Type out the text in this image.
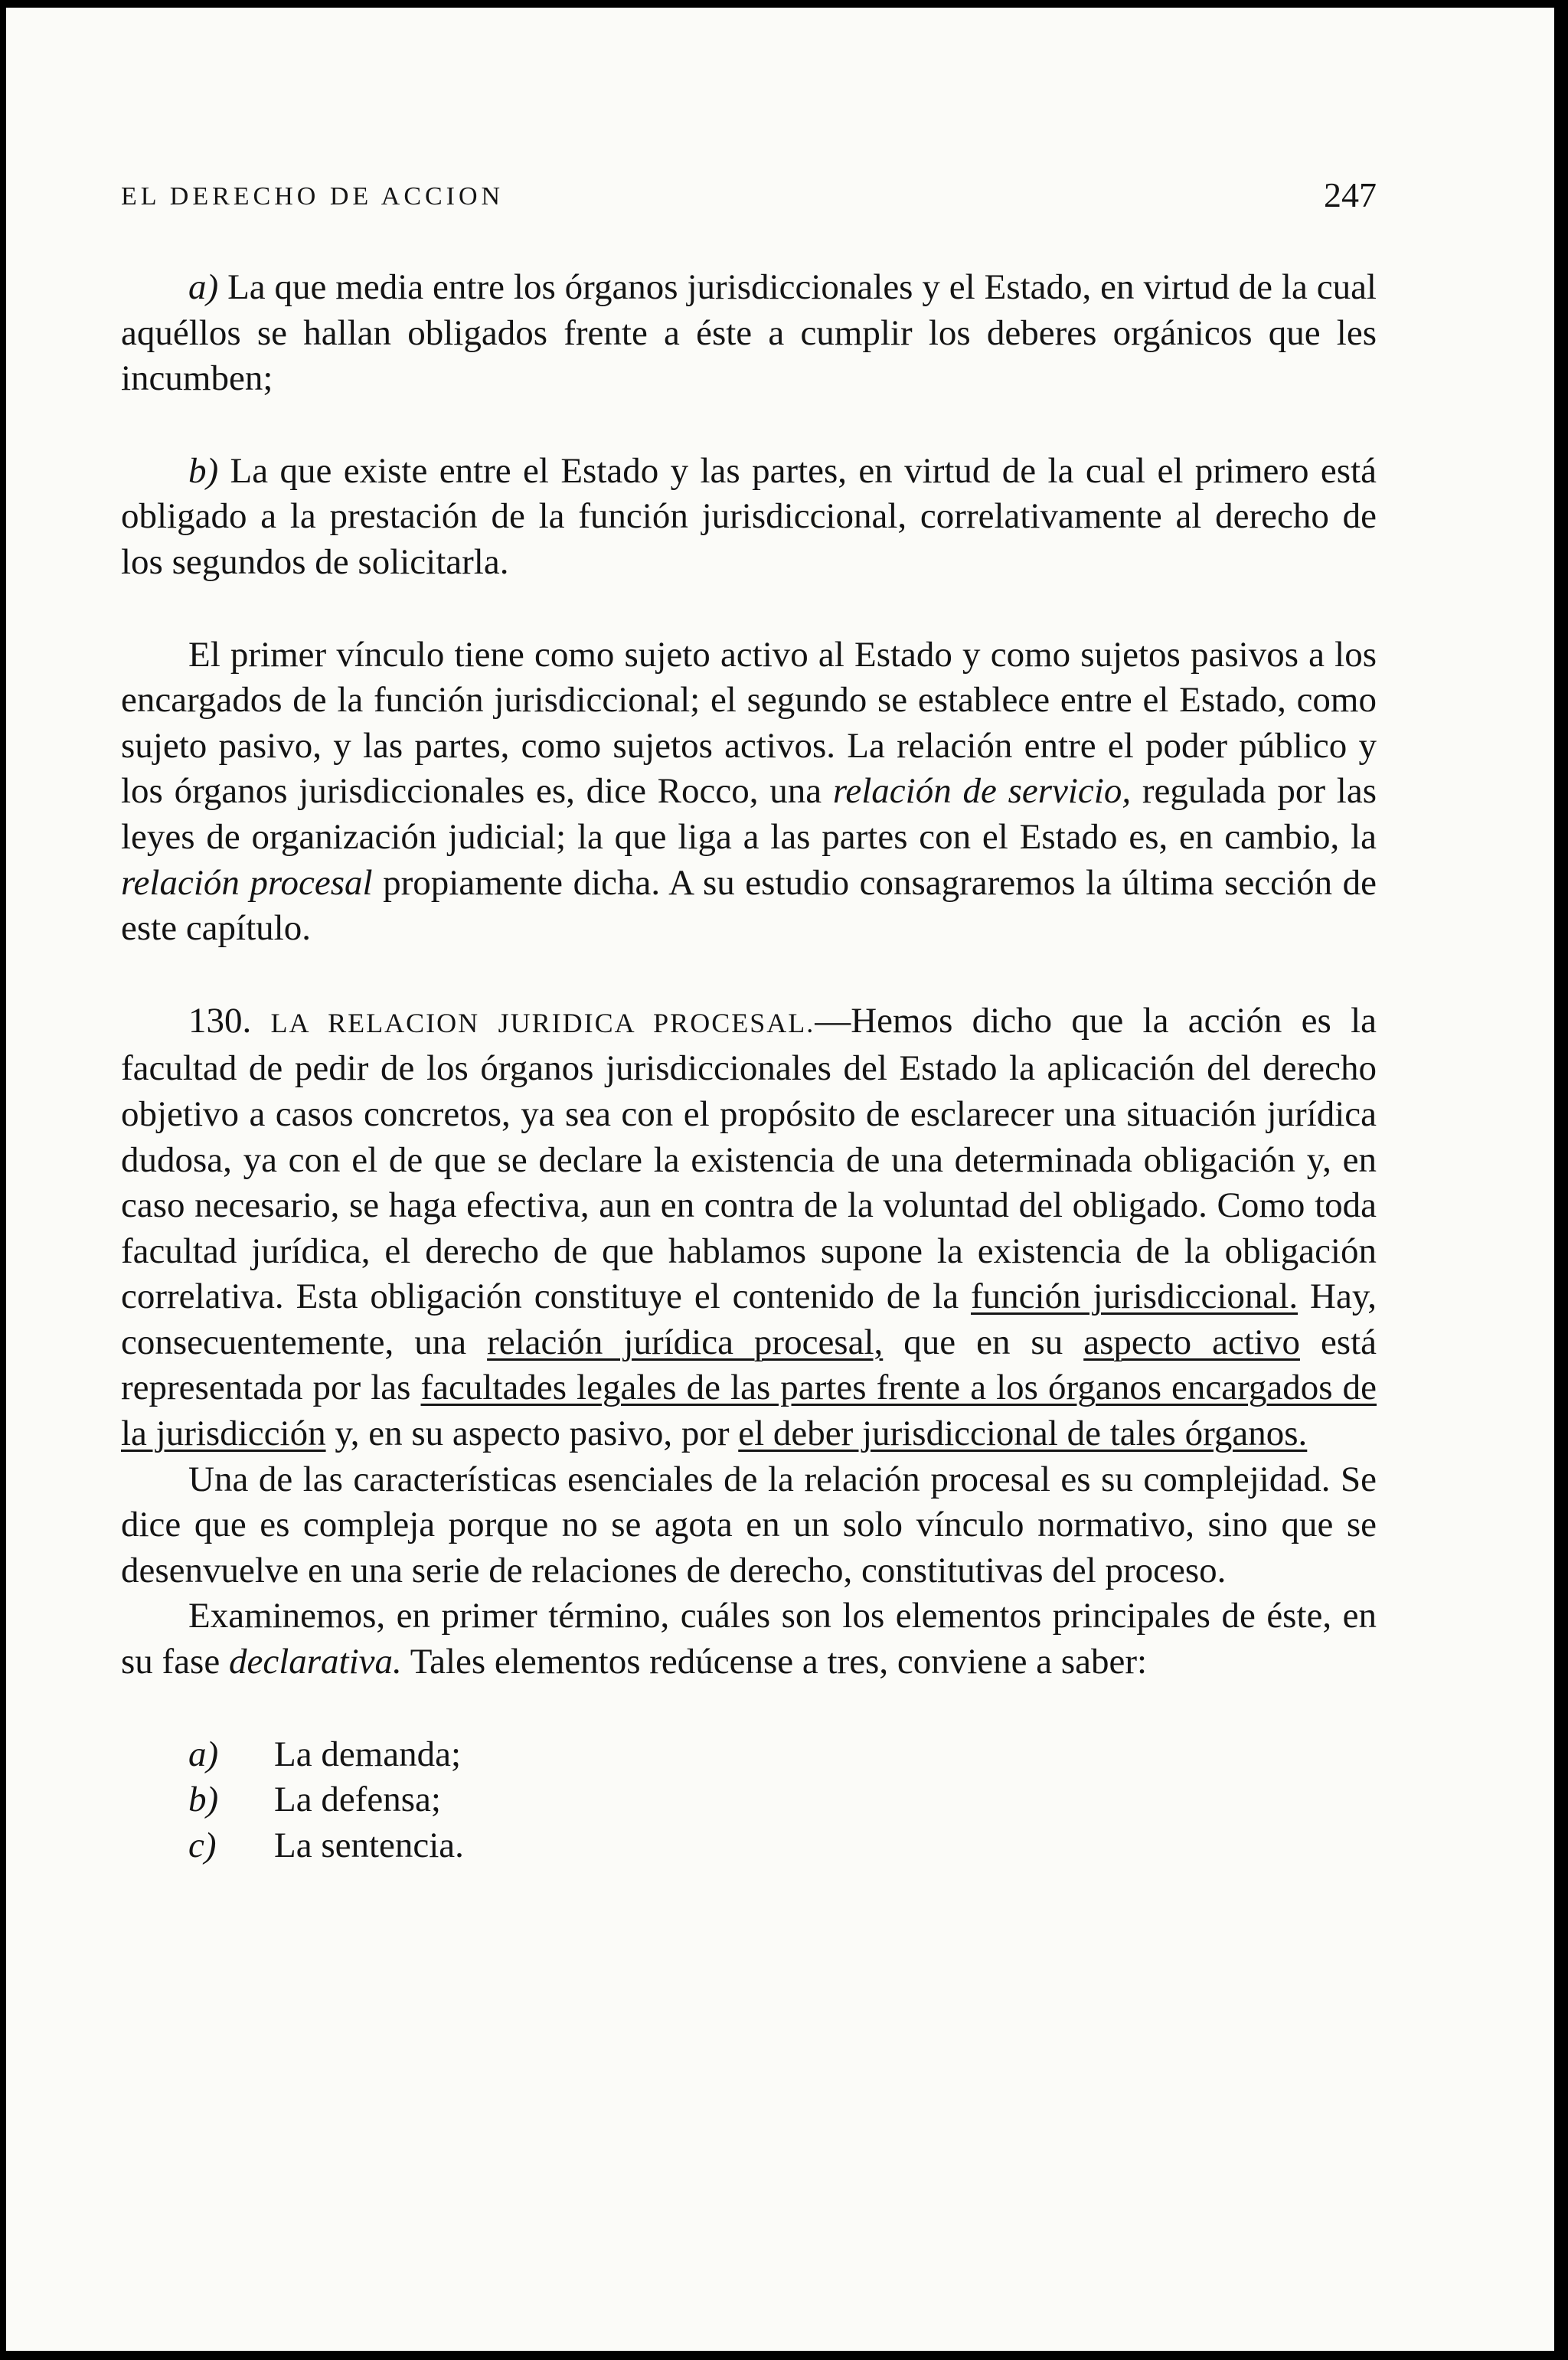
EL DERECHO DE ACCION	247

a) La que media entre los órganos jurisdiccionales y el Estado, en virtud de la cual aquéllos se hallan obligados frente a éste a cumplir los deberes orgánicos que les incumben;

b) La que existe entre el Estado y las partes, en virtud de la cual el primero está obligado a la prestación de la función jurisdiccional, correlativamente al derecho de los segundos de solicitarla.

El primer vínculo tiene como sujeto activo al Estado y como sujetos pasivos a los encargados de la función jurisdiccional; el segundo se establece entre el Estado, como sujeto pasivo, y las partes, como sujetos activos. La relación entre el poder público y los órganos jurisdiccionales es, dice Rocco, una relación de servicio, regulada por las leyes de organización judicial; la que liga a las partes con el Estado es, en cambio, la relación procesal propiamente dicha. A su estudio consagraremos la última sección de este capítulo.

130. LA RELACION JURIDICA PROCESAL.—Hemos dicho que la acción es la facultad de pedir de los órganos jurisdiccionales del Estado la aplicación del derecho objetivo a casos concretos, ya sea con el propósito de esclarecer una situación jurídica dudosa, ya con el de que se declare la existencia de una determinada obligación y, en caso necesario, se haga efectiva, aun en contra de la voluntad del obligado. Como toda facultad jurídica, el derecho de que hablamos supone la existencia de la obligación correlativa. Esta obligación constituye el contenido de la función jurisdiccional. Hay, consecuentemente, una relación jurídica procesal, que en su aspecto activo está representada por las facultades legales de las partes frente a los órganos encargados de la jurisdicción y, en su aspecto pasivo, por el deber jurisdiccional de tales órganos.

Una de las características esenciales de la relación procesal es su complejidad. Se dice que es compleja porque no se agota en un solo vínculo normativo, sino que se desenvuelve en una serie de relaciones de derecho, constitutivas del proceso.

Examinemos, en primer término, cuáles son los elementos principales de éste, en su fase declarativa. Tales elementos redúcense a tres, conviene a saber:

a) La demanda;
b) La defensa;
c) La sentencia.
